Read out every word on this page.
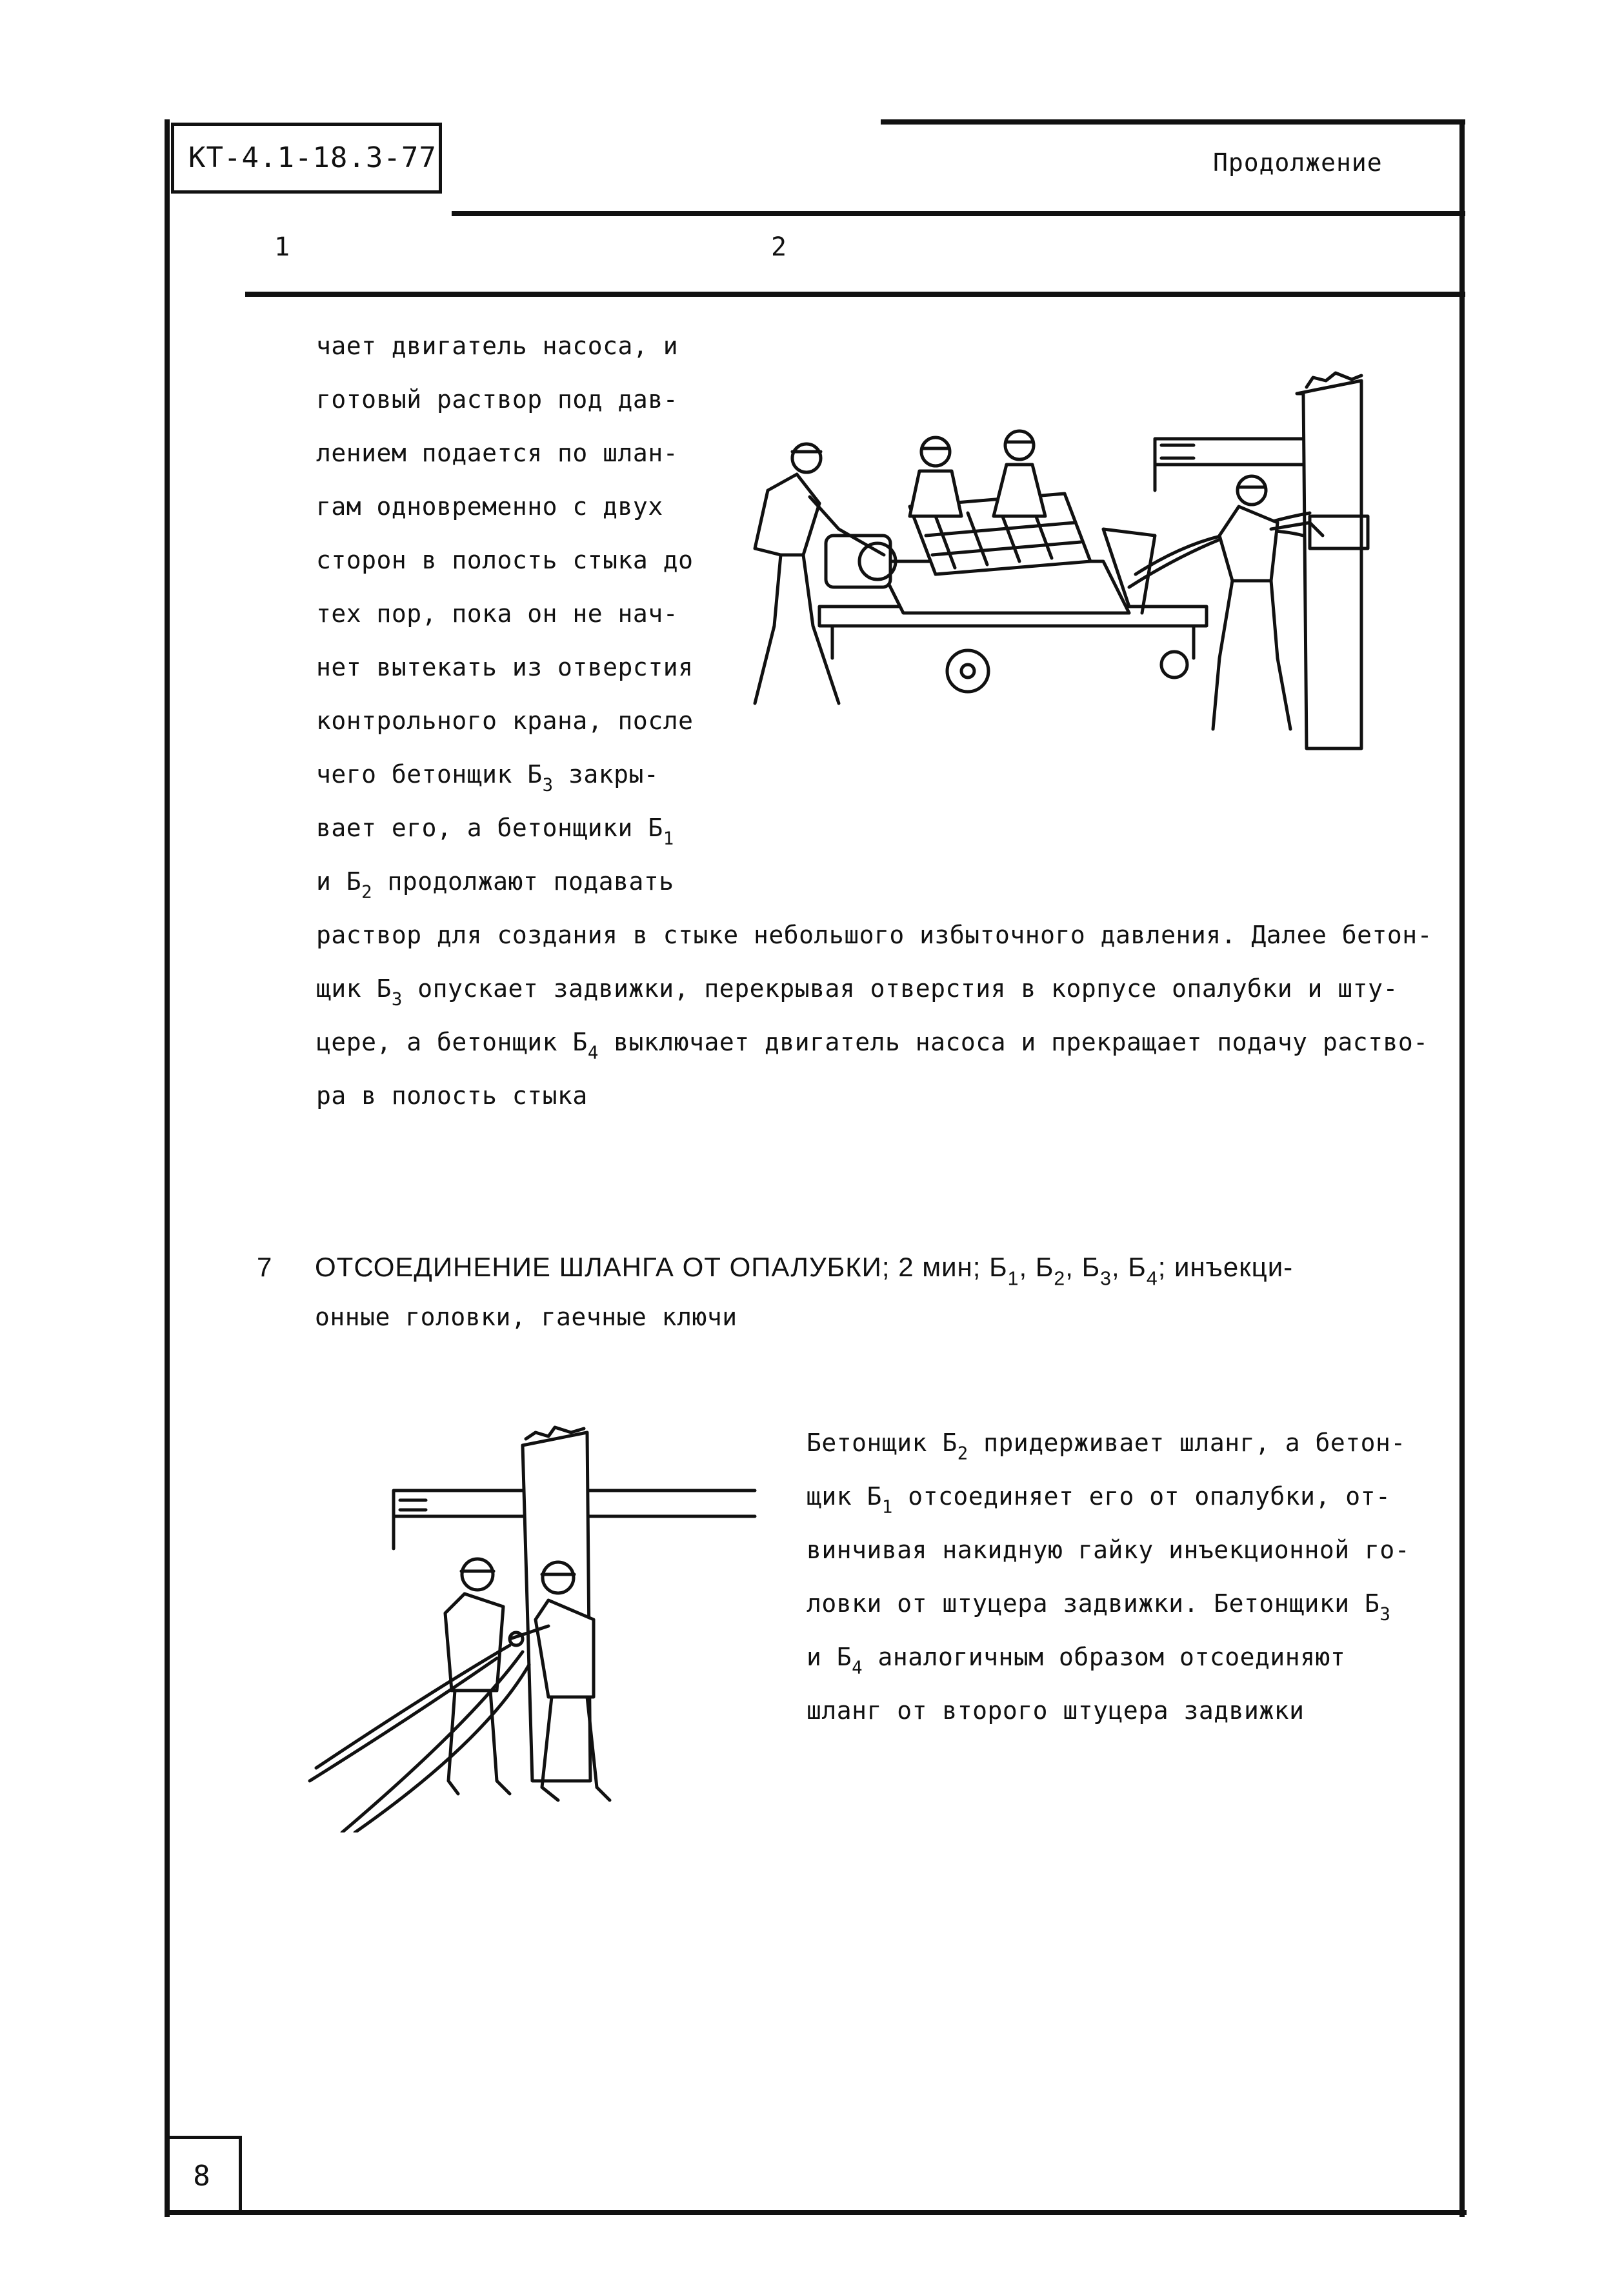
КТ-4.1-18.3-77	Продолжение
1	2
чает двигатель насоса, и
готовый раствор под дав-
лением подается по шлан-
гам одновременно с двух
сторон в полость стыка до
тех пор, пока он не нач-
нет вытекать из отверстия
контрольного крана, после
чего бетонщик $Б_3$ закры-
вает его, а бетонщики $Б_1$
и $Б_2$ продолжают подавать
раствор для создания в стыке небольшого избыточного давления. Далее бетон-
щик $Б_3$ опускает задвижки, перекрывая отверстия в корпусе опалубки и шту-
цере, а бетонщик $Б_4$ выключает двигатель насоса и прекращает подачу раство-
ра в полость стыка
7 ОТСОЕДИНЕНИЕ ШЛАНГА ОТ ОПАЛУБКИ; 2 мин; $Б_1$, $Б_2$, $Б_3$, $Б_4$; инъекци-
онные головки, гаечные ключи
Бетонщик $Б_2$ придерживает шланг, а бетон-
щик $Б_1$ отсоединяет его от опалубки, от-
винчивая накидную гайку инъекционной го-
ловки от штуцера задвижки. Бетонщики $Б_3$
и $Б_4$ аналогичным образом отсоединяют
шланг от второго штуцера задвижки
8
